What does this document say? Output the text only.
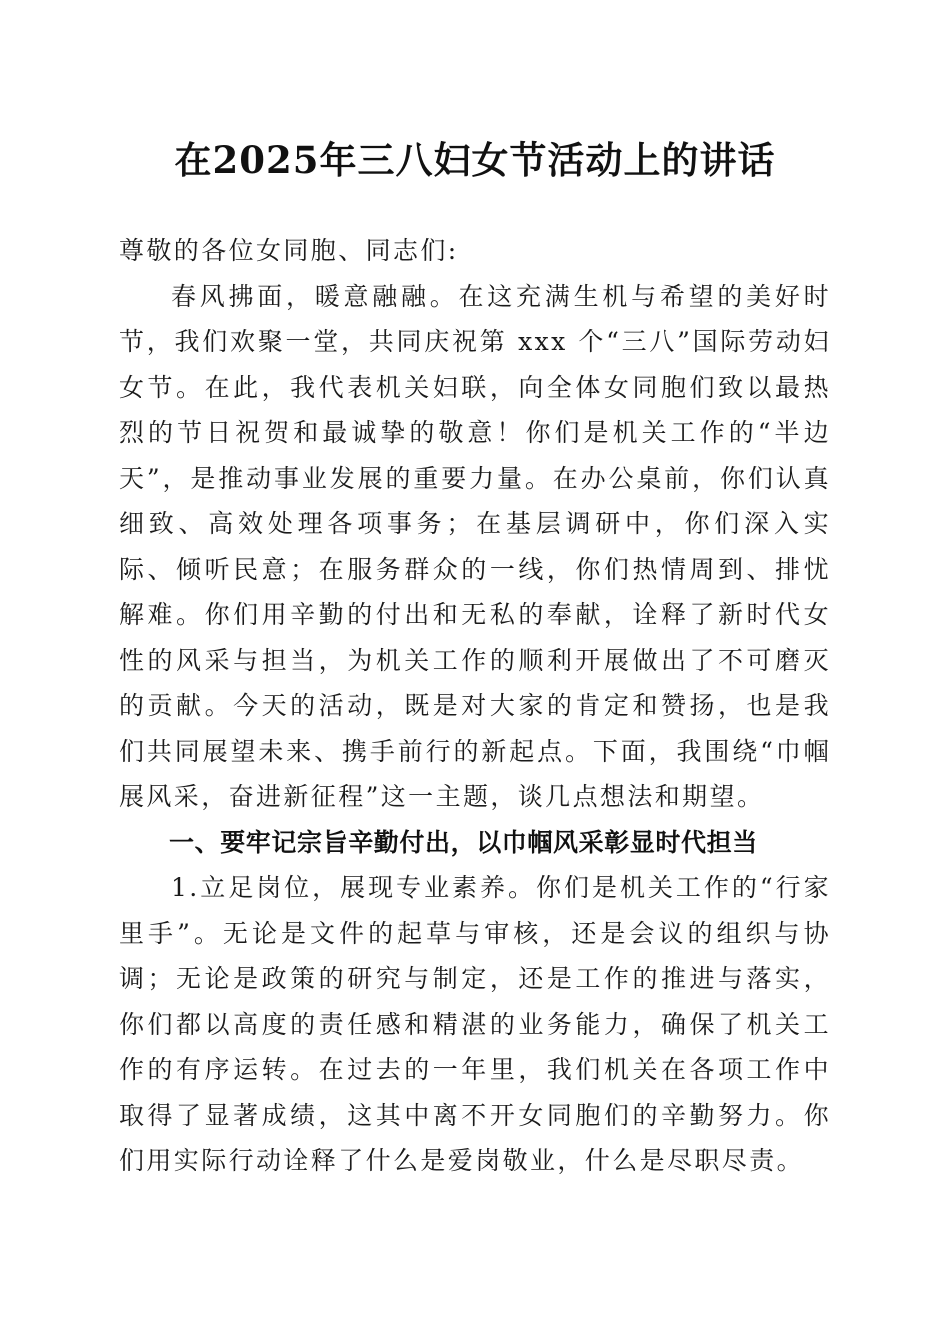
在2025年三八妇女节活动上的讲话

尊敬的各位女同胞、同志们:

春风拂面，暖意融融。在这充满生机与希望的美好时节，我们欢聚一堂，共同庆祝第 xxx 个“三八”国际劳动妇女节。在此，我代表机关妇联，向全体女同胞们致以最热烈的节日祝贺和最诚挚的敬意！你们是机关工作的“半边天”，是推动事业发展的重要力量。在办公桌前，你们认真细致、高效处理各项事务；在基层调研中，你们深入实际、倾听民意；在服务群众的一线，你们热情周到、排忧解难。你们用辛勤的付出和无私的奉献，诠释了新时代女性的风采与担当，为机关工作的顺利开展做出了不可磨灭的贡献。今天的活动，既是对大家的肯定和赞扬，也是我们共同展望未来、携手前行的新起点。下面，我围绕“巾帼展风采，奋进新征程”这一主题，谈几点想法和期望。

一、要牢记宗旨辛勤付出，以巾帼风采彰显时代担当

1.立足岗位，展现专业素养。你们是机关工作的“行家里手”。无论是文件的起草与审核，还是会议的组织与协调；无论是政策的研究与制定，还是工作的推进与落实，你们都以高度的责任感和精湛的业务能力，确保了机关工作的有序运转。在过去的一年里，我们机关在各项工作中取得了显著成绩，这其中离不开女同胞们的辛勤努力。你们用实际行动诠释了什么是爱岗敬业，什么是尽职尽责。
